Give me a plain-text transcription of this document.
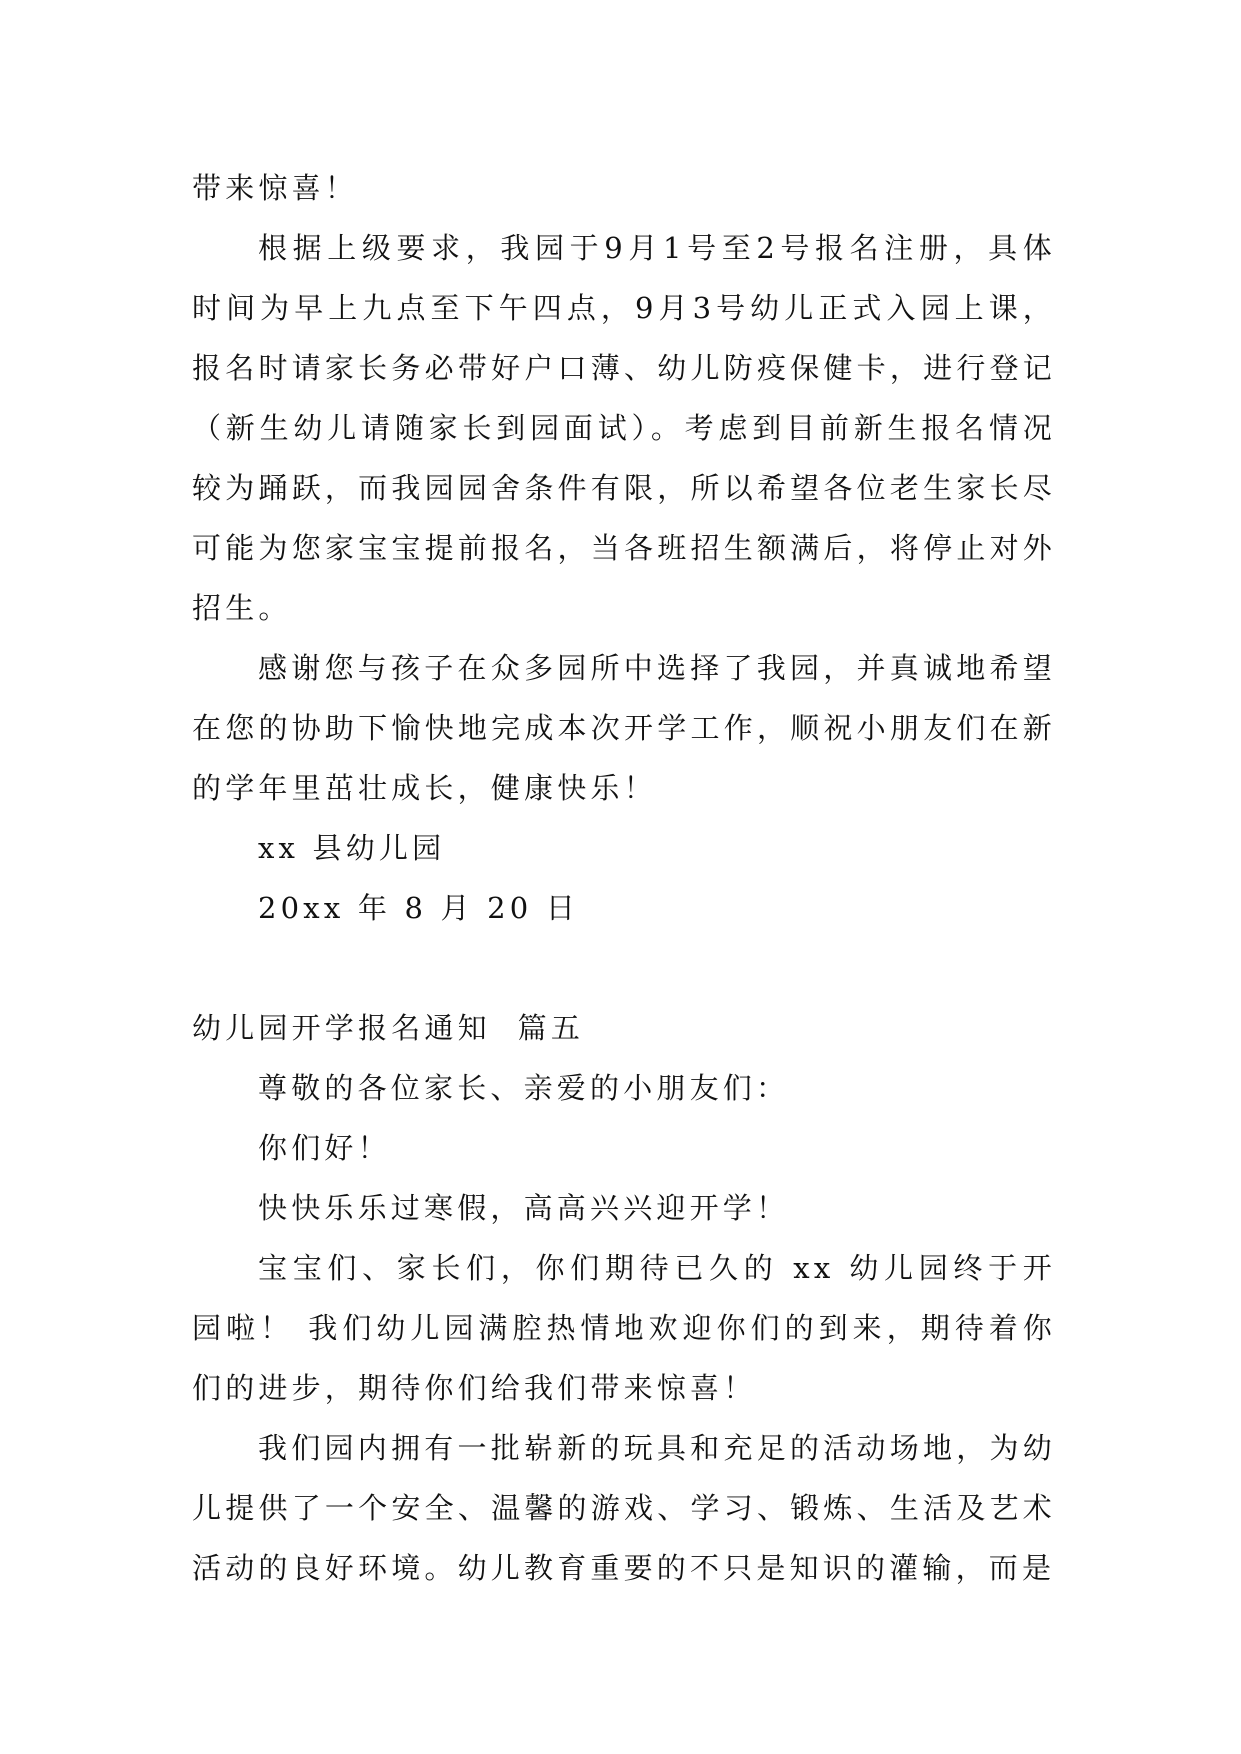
带来惊喜！

根据上级要求，我园于9月1号至2号报名注册，具体时间为早上九点至下午四点，9月3号幼儿正式入园上课，报名时请家长务必带好户口薄、幼儿防疫保健卡，进行登记（新生幼儿请随家长到园面试）。考虑到目前新生报名情况较为踊跃，而我园园舍条件有限，所以希望各位老生家长尽可能为您家宝宝提前报名，当各班招生额满后，将停止对外招生。

感谢您与孩子在众多园所中选择了我园，并真诚地希望在您的协助下愉快地完成本次开学工作，顺祝小朋友们在新的学年里茁壮成长，健康快乐！

xx 县幼儿园

20xx 年 8 月 20 日

幼儿园开学报名通知  篇五

尊敬的各位家长、亲爱的小朋友们：

你们好！

快快乐乐过寒假，高高兴兴迎开学！

宝宝们、家长们，你们期待已久的 xx 幼儿园终于开园啦！ 我们幼儿园满腔热情地欢迎你们的到来，期待着你们的进步，期待你们给我们带来惊喜！

我们园内拥有一批崭新的玩具和充足的活动场地，为幼儿提供了一个安全、温馨的游戏、学习、锻炼、生活及艺术活动的良好环境。幼儿教育重要的不只是知识的灌输，而是
